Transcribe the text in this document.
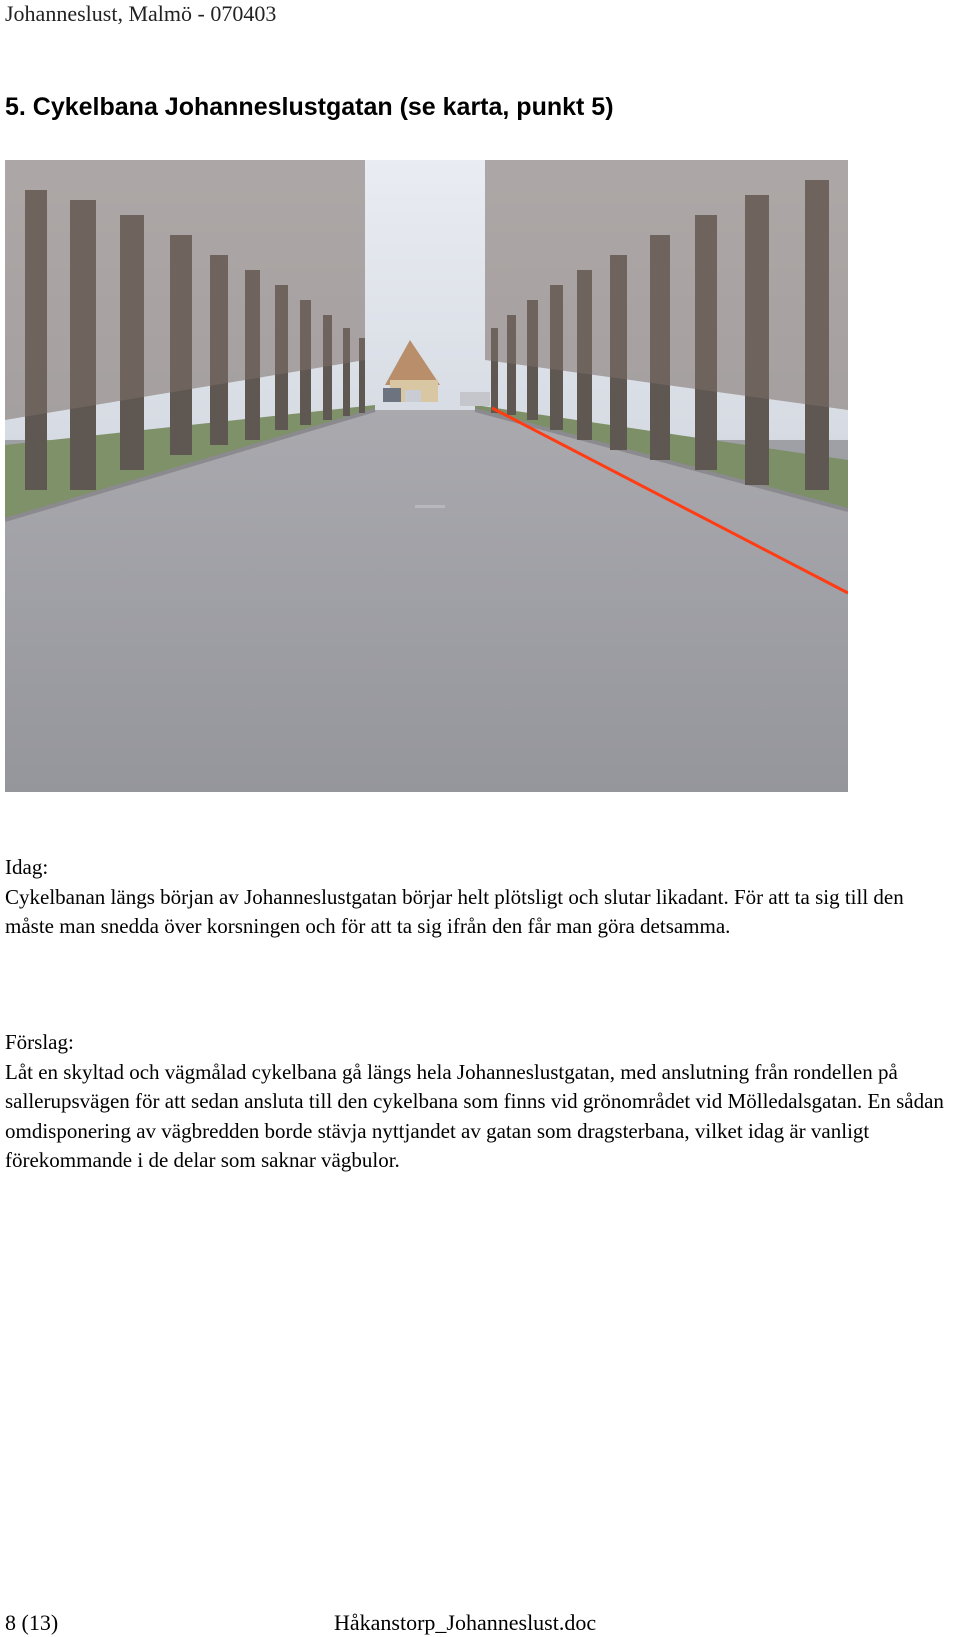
Johanneslust, Malmö - 070403
5. Cykelbana Johanneslustgatan (se karta, punkt 5)
Idag:
Cykelbanan längs början av Johanneslustgatan börjar helt plötsligt och slutar likadant. För att ta sig till den måste man snedda över korsningen och för att ta sig ifrån den får man göra detsamma.
Förslag:
Låt en skyltad och vägmålad cykelbana gå längs hela Johanneslustgatan, med anslutning från rondellen på sallerupsvägen för att sedan ansluta till den cykelbana som finns vid grönområdet vid Mölledalsgatan. En sådan omdisponering av vägbredden borde stävja nyttjandet av gatan som dragsterbana, vilket idag är vanligt förekommande i de delar som saknar vägbulor.
8 (13)	Håkanstorp_Johanneslust.doc
